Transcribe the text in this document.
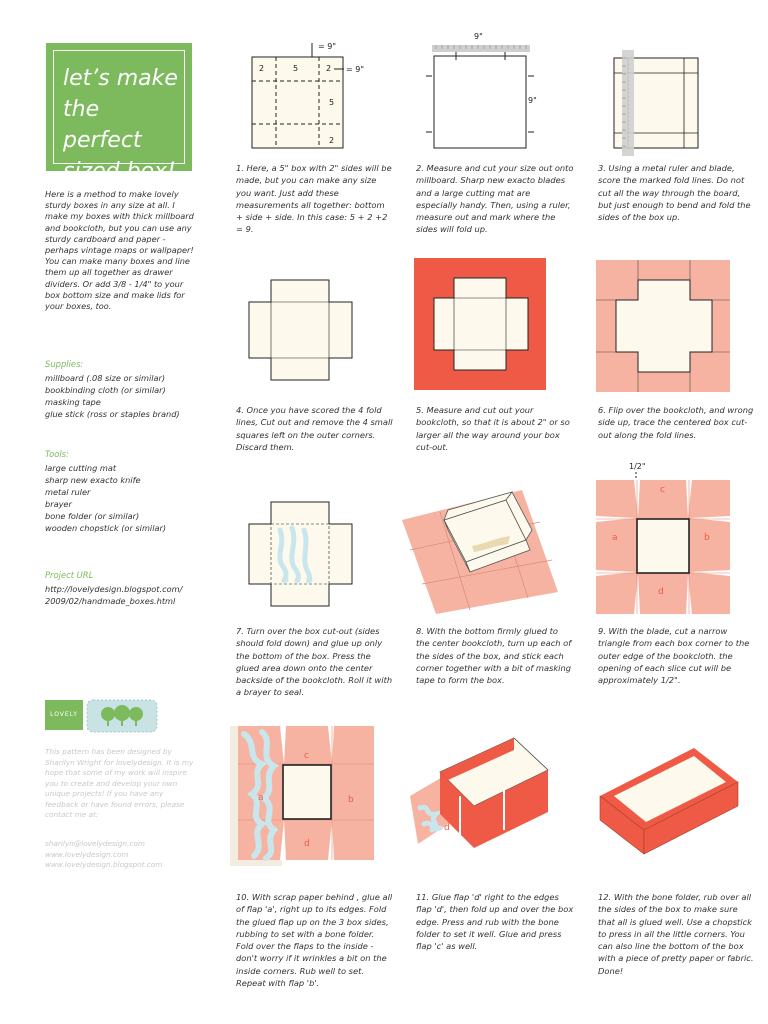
let’s make
the perfect
sized box!
Here is a method to make lovely sturdy boxes in any size at all. I make my boxes with thick millboard and bookcloth, but you can use any sturdy cardboard and paper - perhaps vintage maps or wallpaper! You can make many boxes and line them up all together as drawer dividers. Or add 3/8 - 1/4" to your box bottom size and make lids for your boxes, too.
Supplies:
millboard (.08 size or similar)
bookbinding cloth (or similar)
masking tape
glue stick (ross or staples brand)
Tools:
large cutting mat
sharp new exacto knife
metal ruler
brayer
bone folder (or similar)
wooden chopstick (or similar)
Project URL
http://lovelydesign.blogspot.com/
2009/02/handmade_boxes.html
LOVELY
This pattern has been designed by Sharilyn Wright for lovelydesign. It is my hope that some of my work will inspire you to create and develop your own unique projects! If you have any feedback or have found errors, please contact me at:
sharilyn@lovelydesign.com
www.lovelydesign.com
www.lovelydesign.blogspot.com
= 9"
= 9"
2	5	2
5
2
9"
9"
1. Here, a 5" box with 2" sides will be made, but you can make any size you want. Just add these measurements all together: bottom + side + side. In this case: 5 + 2 +2 = 9.
2. Measure and cut your size out onto millboard. Sharp new exacto blades and a large cutting mat are especially handy. Then, using a ruler, measure out and mark where the sides will fold up.
3. Using a metal ruler and blade, score the marked fold lines. Do not cut all the way through the board, but just enough to bend and fold the sides of the box up.
4. Once you have scored the 4 fold lines, Cut out and remove the 4 small squares left on the outer corners. Discard them.
5. Measure and cut out your bookcloth, so that it is about 2" or so larger all the way around your box cut-out.
6. Flip over the bookcloth, and wrong side up, trace the centered box cut-out along the fold lines.
1/2"
c
a	b
d
7. Turn over the box cut-out (sides should fold down) and glue up only the bottom of the box. Press the glued area down onto the center backside of the bookcloth. Roll it with a brayer to seal.
8. With the bottom firmly glued to the center bookcloth, turn up each of the sides of the box, and stick each corner together with a bit of masking tape to form the box.
9. With the blade, cut a narrow triangle from each box corner to the outer edge of the bookcloth. the opening of each slice cut will be approximately 1/2".
c
a	b
d
d
10. With scrap paper behind , glue all of flap 'a', right up to its edges. Fold the glued flap up on the 3 box sides, rubbing to set with a bone folder. Fold over the flaps to the inside - don't worry if it wrinkles a bit on the inside corners. Rub well to set. Repeat with flap 'b'.
11. Glue flap 'd' right to the edges flap 'd', then fold up and over the box edge. Press and rub with the bone folder to set it well. Glue and press flap 'c' as well.
12. With the bone folder, rub over all the sides of the box to make sure that all is glued well. Use a chopstick to press in all the little corners. You can also line the bottom of the box with a piece of pretty paper or fabric. Done!
